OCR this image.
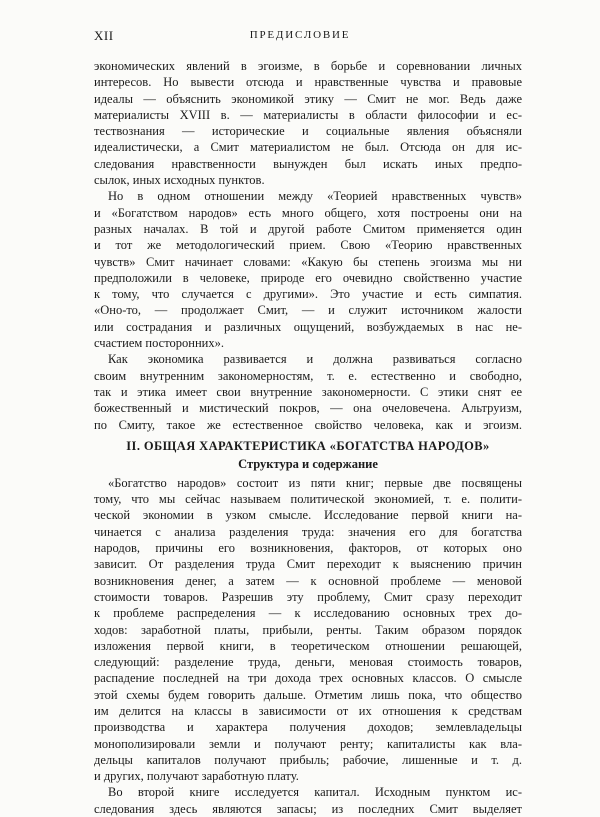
XII	ПРЕДИСЛОВИЕ
экономических явлений в эгоизме, в борьбе и соревновании личных
интересов. Но вывести отсюда и нравственные чувства и правовые
идеалы — объяснить экономикой этику — Смит не мог. Ведь даже
материалисты XVIII в. — материалисты в области философии и ес-
тествознания — исторические и социальные явления объясняли
идеалистически, а Смит материалистом не был. Отсюда он для ис-
следования нравственности вынужден был искать иных предпо-
сылок, иных исходных пунктов.
Но в одном отношении между «Теорией нравственных чувств»
и «Богатством народов» есть много общего, хотя построены они на
разных началах. В той и другой работе Смитом применяется один
и тот же методологический прием. Свою «Теорию нравственных
чувств» Смит начинает словами: «Какую бы степень эгоизма мы ни
предположили в человеке, природе его очевидно свойственно участие
к тому, что случается с другими». Это участие и есть симпатия.
«Оно-то, — продолжает Смит, — и служит источником жалости
или сострадания и различных ощущений, возбуждаемых в нас не-
счастием посторонних».
Как экономика развивается и должна развиваться согласно
своим внутренним закономерностям, т. е. естественно и свободно,
так и этика имеет свои внутренние закономерности. С этики снят ее
божественный и мистический покров, — она очеловечена. Альтруизм,
по Смиту, такое же естественное свойство человека, как и эгоизм.
II. ОБЩАЯ ХАРАКТЕРИСТИКА «БОГАТСТВА НАРОДОВ»
Структура и содержание
«Богатство народов» состоит из пяти книг; первые две посвящены
тому, что мы сейчас называем политической экономией, т. е. полити-
ческой экономии в узком смысле. Исследование первой книги на-
чинается с анализа разделения труда: значения его для богатства
народов, причины его возникновения, факторов, от которых оно
зависит. От разделения труда Смит переходит к выяснению причин
возникновения денег, а затем — к основной проблеме — меновой
стоимости товаров. Разрешив эту проблему, Смит сразу переходит
к проблеме распределения — к исследованию основных трех до-
ходов: заработной платы, прибыли, ренты. Таким образом порядок
изложения первой книги, в теоретическом отношении решающей,
следующий: разделение труда, деньги, меновая стоимость товаров,
распадение последней на три дохода трех основных классов. О смысле
этой схемы будем говорить дальше. Отметим лишь пока, что общество
им делится на классы в зависимости от их отношения к средствам
производства и характера получения доходов; землевладельцы
монополизировали земли и получают ренту; капиталисты как вла-
дельцы капиталов получают прибыль; рабочие, лишенные и т. д.
и других, получают заработную плату.
Во второй книге исследуется капитал. Исходным пунктом ис-
следования здесь являются запасы; из последних Смит выделяет
